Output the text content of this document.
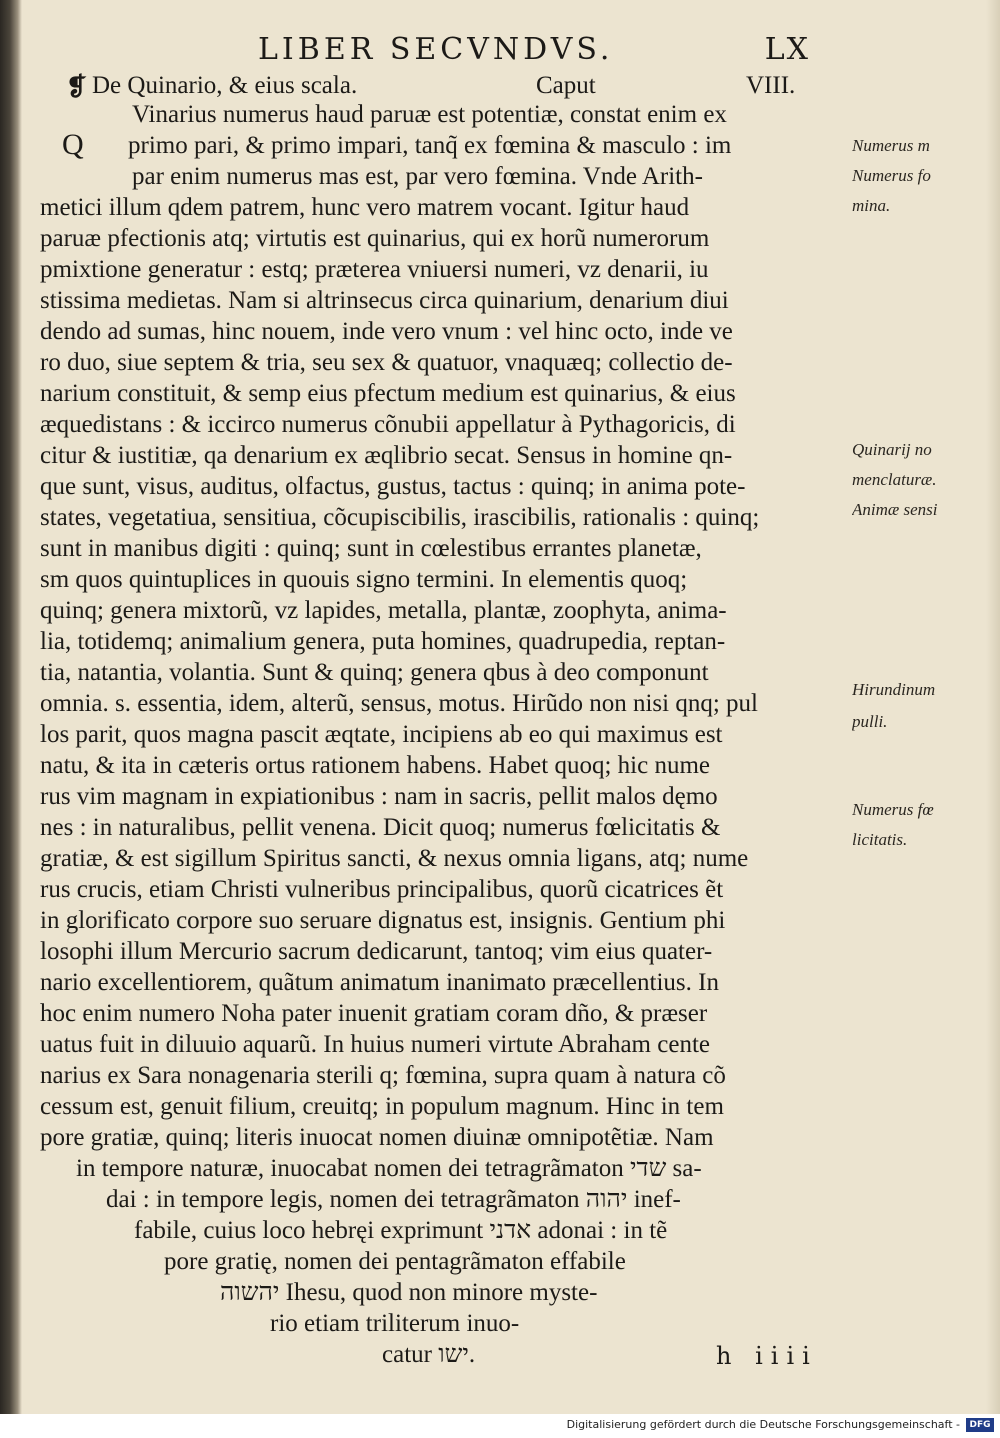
LIBER SECVNDVS.	LX
❡ De Quinario, & eius scala.	Caput	VIII.
Q
Vinarius numerus haud paruæ est potentiæ, constat enim ex
primo pari, & primo impari, tanq̃ ex fœmina & masculo : im
par enim numerus mas est, par vero fœmina. Vnde Arith-
metici illum qdem patrem, hunc vero matrem vocant. Igitur haud
paruæ pfectionis atq; virtutis est quinarius, qui ex horũ numerorum
pmixtione generatur : estq; præterea vniuersi numeri, vz denarii, iu
stissima medietas. Nam si altrinsecus circa quinarium, denarium diui
dendo ad sumas, hinc nouem, inde vero vnum : vel hinc octo, inde ve
ro duo, siue septem & tria, seu sex & quatuor, vnaquæq; collectio de-
narium constituit, & semp eius pfectum medium est quinarius, & eius
æquedistans : & iccirco numerus cõnubii appellatur à Pythagoricis, di
citur & iustitiæ, qa denarium ex æqlibrio secat. Sensus in homine qn-
que sunt, visus, auditus, olfactus, gustus, tactus : quinq; in anima pote-
states, vegetatiua, sensitiua, cõcupiscibilis, irascibilis, rationalis : quinq;
sunt in manibus digiti : quinq; sunt in cœlestibus errantes planetæ,
sm quos quintuplices in quouis signo termini. In elementis quoq;
quinq; genera mixtorũ, vz lapides, metalla, plantæ, zoophyta, anima-
lia, totidemq; animalium genera, puta homines, quadrupedia, reptan-
tia, natantia, volantia. Sunt & quinq; genera qbus à deo componunt
omnia. s. essentia, idem, alterũ, sensus, motus. Hirũdo non nisi qnq; pul
los parit, quos magna pascit æqtate, incipiens ab eo qui maximus est
natu, & ita in cæteris ortus rationem habens. Habet quoq; hic nume
rus vim magnam in expiationibus : nam in sacris, pellit malos dęmo
nes : in naturalibus, pellit venena. Dicit quoq; numerus fœlicitatis &
gratiæ, & est sigillum Spiritus sancti, & nexus omnia ligans, atq; nume
rus crucis, etiam Christi vulneribus principalibus, quorũ cicatrices ẽt
in glorificato corpore suo seruare dignatus est, insignis. Gentium phi
losophi illum Mercurio sacrum dedicarunt, tantoq; vim eius quater-
nario excellentiorem, quãtum animatum inanimato præcellentius. In
hoc enim numero Noha pater inuenit gratiam coram dño, & præser
uatus fuit in diluuio aquarũ. In huius numeri virtute Abraham cente
narius ex Sara nonagenaria sterili q; fœmina, supra quam à natura cõ
cessum est, genuit filium, creuitq; in populum magnum. Hinc in tem
pore gratiæ, quinq; literis inuocat nomen diuinæ omnipotẽtiæ. Nam
in tempore naturæ, inuocabat nomen dei tetragrãmaton שדי sa-
dai : in tempore legis, nomen dei tetragrãmaton יהוה inef-
fabile, cuius loco hebręi exprimunt אדני adonai : in tẽ
pore gratię, nomen dei pentagrãmaton effabile
יהשוה Ihesu, quod non minore myste-
rio etiam triliterum inuo-
catur ישו.
Numerus m
Numerus fo
mina.
Quinarij no
menclaturæ.
Animæ sensi
Hirundinum
pulli.
Numerus fœ
licitatis.
h iiii
Digitalisierung gefördert durch die Deutsche Forschungsgemeinschaft -	DFG
